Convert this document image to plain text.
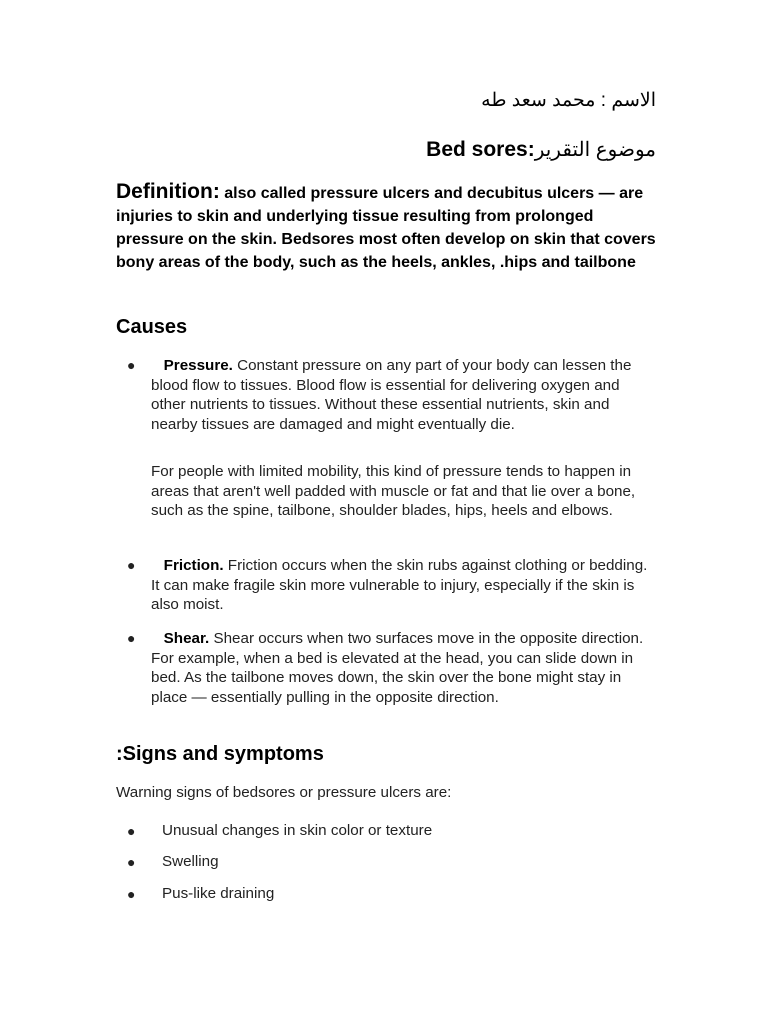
الاسم : محمد سعد طه
موضوع التقريرBed sores:
Definition: also called pressure ulcers and decubitus ulcers — are injuries to skin and underlying tissue resulting from prolonged pressure on the skin. Bedsores most often develop on skin that covers bony areas of the body, such as the heels, ankles, .hips and tailbone
Causes
●	Pressure. Constant pressure on any part of your body can lessen the blood flow to tissues. Blood flow is essential for delivering oxygen and other nutrients to tissues. Without these essential nutrients, skin and nearby tissues are damaged and might eventually die.
For people with limited mobility, this kind of pressure tends to happen in areas that aren't well padded with muscle or fat and that lie over a bone, such as the spine, tailbone, shoulder blades, hips, heels and elbows.
●	Friction. Friction occurs when the skin rubs against clothing or bedding. It can make fragile skin more vulnerable to injury, especially if the skin is also moist.
●	Shear. Shear occurs when two surfaces move in the opposite direction. For example, when a bed is elevated at the head, you can slide down in bed. As the tailbone moves down, the skin over the bone might stay in place — essentially pulling in the opposite direction.
:Signs and symptoms
Warning signs of bedsores or pressure ulcers are:
● Unusual changes in skin color or texture
● Swelling
● Pus-like draining
